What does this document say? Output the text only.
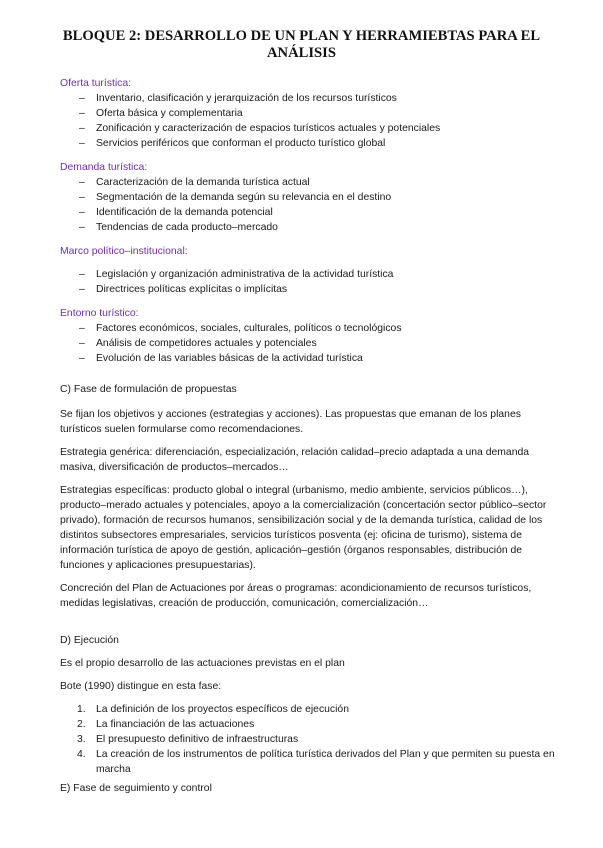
BLOQUE 2: DESARROLLO DE UN PLAN Y HERRAMIEBTAS PARA EL ANÁLISIS

Oferta turística:

– Inventario, clasificación y jerarquización de los recursos turísticos
– Oferta básica y complementaria
– Zonificación y caracterización de espacios turísticos actuales y potenciales
– Servicios periféricos que conforman el producto turístico global

Demanda turística:

– Caracterización de la demanda turística actual
– Segmentación de la demanda según su relevancia en el destino
– Identificación de la demanda potencial
– Tendencias de cada producto–mercado

Marco político–institucional:

– Legislación y organización administrativa de la actividad turística
– Directrices políticas explícitas o implícitas

Entorno turístico:

– Factores económicos, sociales, culturales, políticos o tecnológicos
– Análisis de competidores actuales y potenciales
– Evolución de las variables básicas de la actividad turística

C) Fase de formulación de propuestas

Se fijan los objetivos y acciones (estrategias y acciones). Las propuestas que emanan de los planes turísticos suelen formularse como recomendaciones.

Estrategia genérica: diferenciación, especialización, relación calidad–precio adaptada a una demanda masiva, diversificación de productos–mercados…

Estrategias específicas: producto global o integral (urbanismo, medio ambiente, servicios públicos…), producto–merado actuales y potenciales, apoyo a la comercialización (concertación sector público–sector privado), formación de recursos humanos, sensibilización social y de la demanda turística, calidad de los distintos subsectores empresariales, servicios turísticos posventa (ej: oficina de turismo), sistema de información turística de apoyo de gestión, aplicación–gestión (órganos responsables, distribución de funciones y aplicaciones presupuestarias).

Concreción del Plan de Actuaciones por áreas o programas: acondicionamiento de recursos turísticos, medidas legislativas, creación de producción, comunicación, comercialización…

D) Ejecución

Es el propio desarrollo de las actuaciones previstas en el plan

Bote (1990) distingue en esta fase:

1. La definición de los proyectos específicos de ejecución
2. La financiación de las actuaciones
3. El presupuesto definitivo de infraestructuras
4. La creación de los instrumentos de política turística derivados del Plan y que permiten su puesta en marcha

E) Fase de seguimiento y control
